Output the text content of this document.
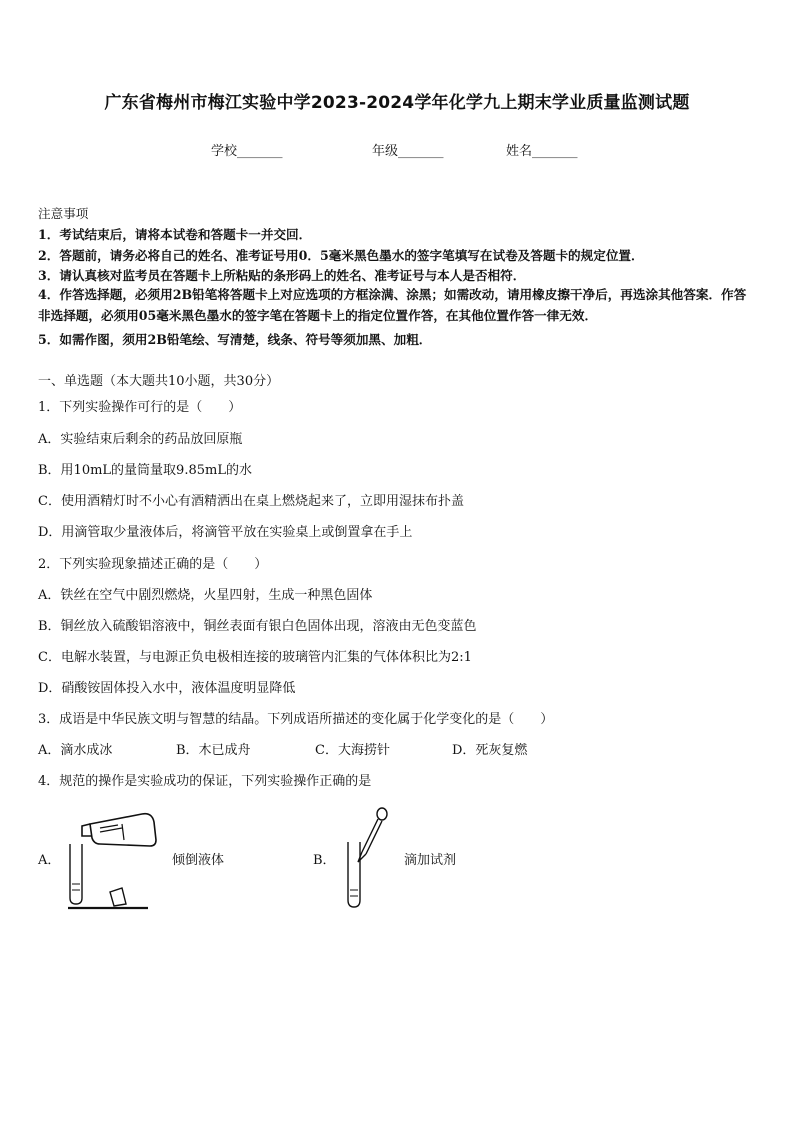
广东省梅州市梅江实验中学2023-2024学年化学九上期末学业质量监测试题
学校_______	年级_______	姓名_______
注意事项
1．考试结束后，请将本试卷和答题卡一并交回．
2．答题前，请务必将自己的姓名、准考证号用0．5毫米黑色墨水的签字笔填写在试卷及答题卡的规定位置．
3．请认真核对监考员在答题卡上所粘贴的条形码上的姓名、准考证号与本人是否相符．
4．作答选择题，必须用2B铅笔将答题卡上对应选项的方框涂满、涂黑；如需改动，请用橡皮擦干净后，再选涂其他答案．作答非选择题，必须用05毫米黑色墨水的签字笔在答题卡上的指定位置作答，在其他位置作答一律无效．
5．如需作图，须用2B铅笔绘、写清楚，线条、符号等须加黑、加粗．
一、单选题（本大题共10小题，共30分）
1．下列实验操作可行的是（　　）
A．实验结束后剩余的药品放回原瓶
B．用10mL的量筒量取9.85mL的水
C．使用酒精灯时不小心有酒精洒出在桌上燃烧起来了，立即用湿抹布扑盖
D．用滴管取少量液体后，将滴管平放在实验桌上或倒置拿在手上
2．下列实验现象描述正确的是（　　）
A．铁丝在空气中剧烈燃烧，火星四射，生成一种黑色固体
B．铜丝放入硫酸铝溶液中，铜丝表面有银白色固体出现，溶液由无色变蓝色
C．电解水装置，与电源正负电极相连接的玻璃管内汇集的气体体积比为2:1
D．硝酸铵固体投入水中，液体温度明显降低
3．成语是中华民族文明与智慧的结晶。下列成语所描述的变化属于化学变化的是（　　）
A．滴水成冰	B．木已成舟	C．大海捞针	D．死灰复燃
4．规范的操作是实验成功的保证，下列实验操作正确的是
A．	倾倒液体	B．	滴加试剂
